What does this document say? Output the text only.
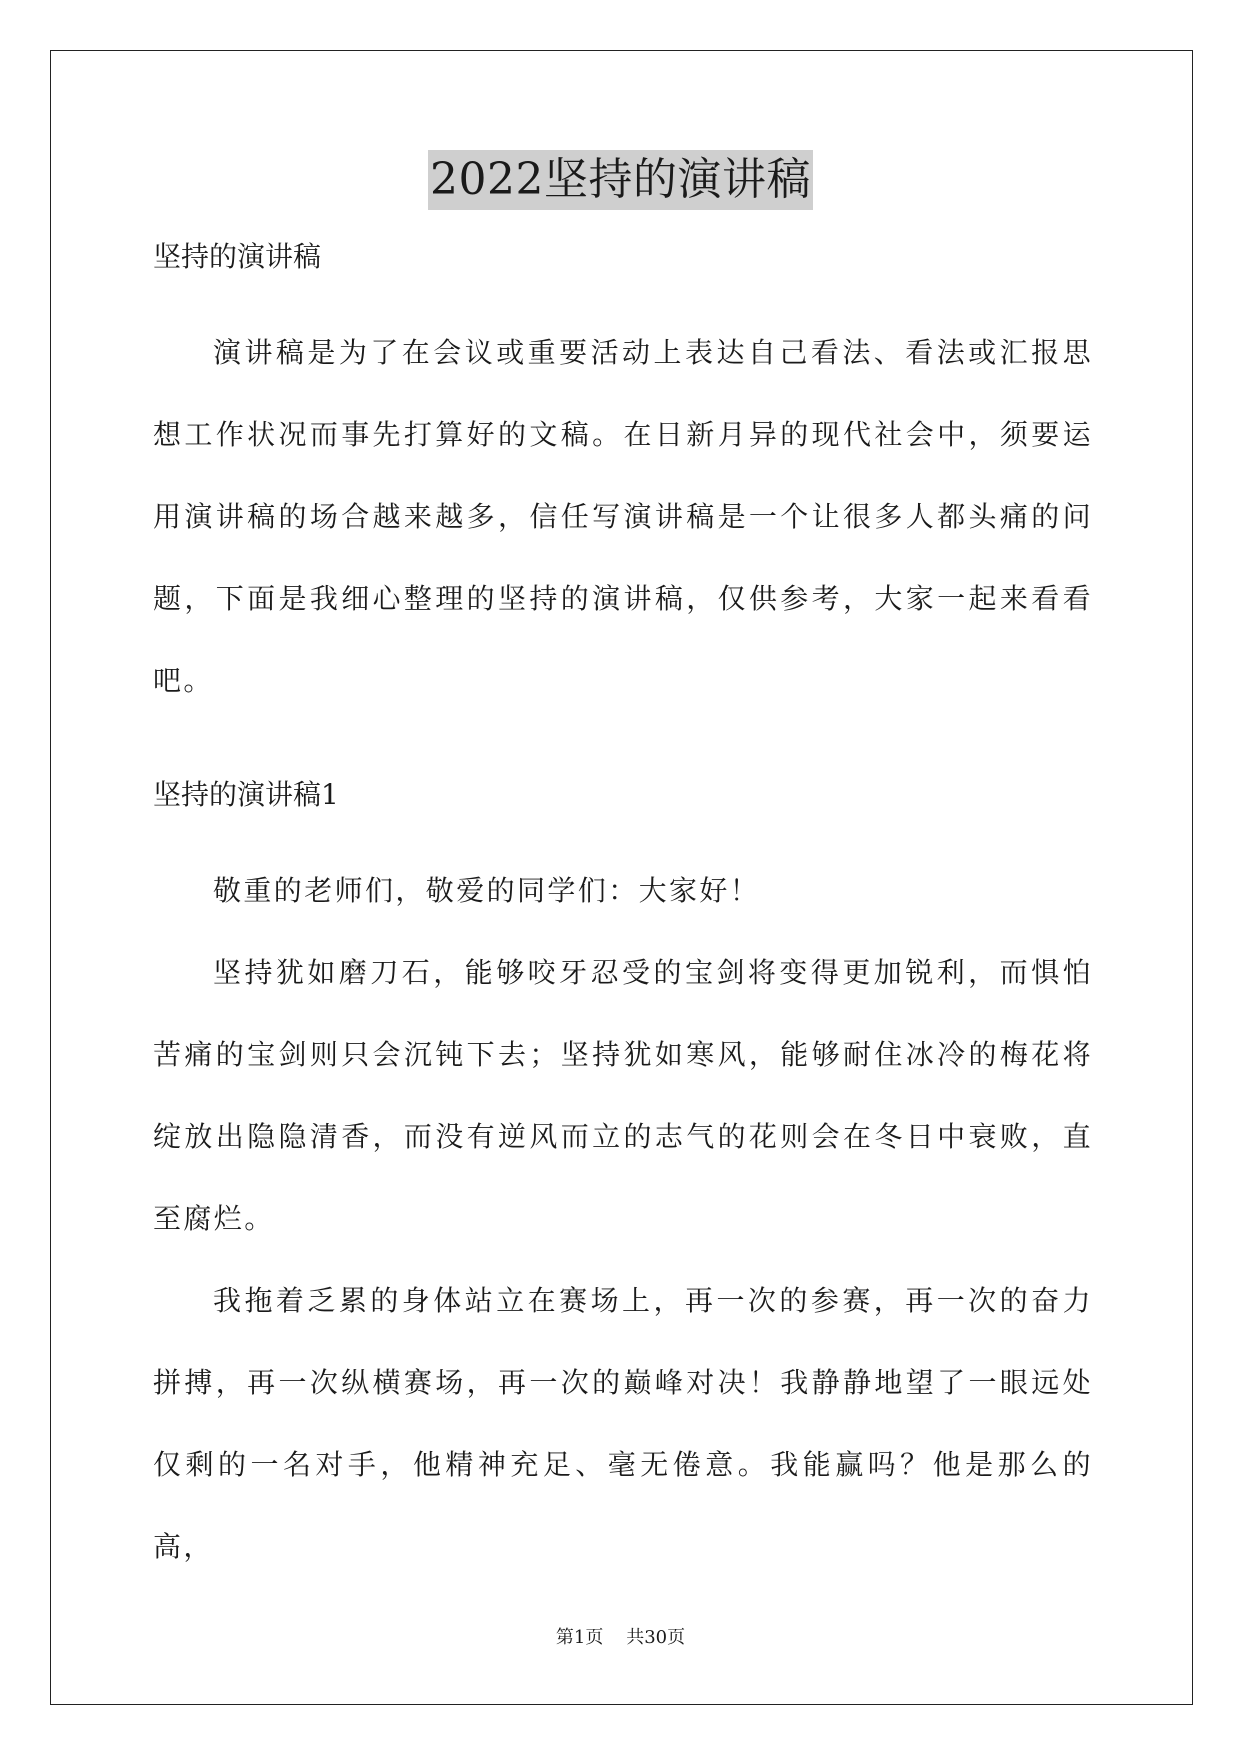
2022坚持的演讲稿

坚持的演讲稿

演讲稿是为了在会议或重要活动上表达自己看法、看法或汇报思想工作状况而事先打算好的文稿。在日新月异的现代社会中，须要运用演讲稿的场合越来越多，信任写演讲稿是一个让很多人都头痛的问题，下面是我细心整理的坚持的演讲稿，仅供参考，大家一起来看看吧。

坚持的演讲稿1

敬重的老师们，敬爱的同学们：大家好！

坚持犹如磨刀石，能够咬牙忍受的宝剑将变得更加锐利，而惧怕苦痛的宝剑则只会沉钝下去；坚持犹如寒风，能够耐住冰冷的梅花将绽放出隐隐清香，而没有逆风而立的志气的花则会在冬日中衰败，直至腐烂。

我拖着乏累的身体站立在赛场上，再一次的参赛，再一次的奋力拼搏，再一次纵横赛场，再一次的巅峰对决！我静静地望了一眼远处仅剩的一名对手，他精神充足、毫无倦意。我能赢吗？他是那么的高，

第1页 共30页
